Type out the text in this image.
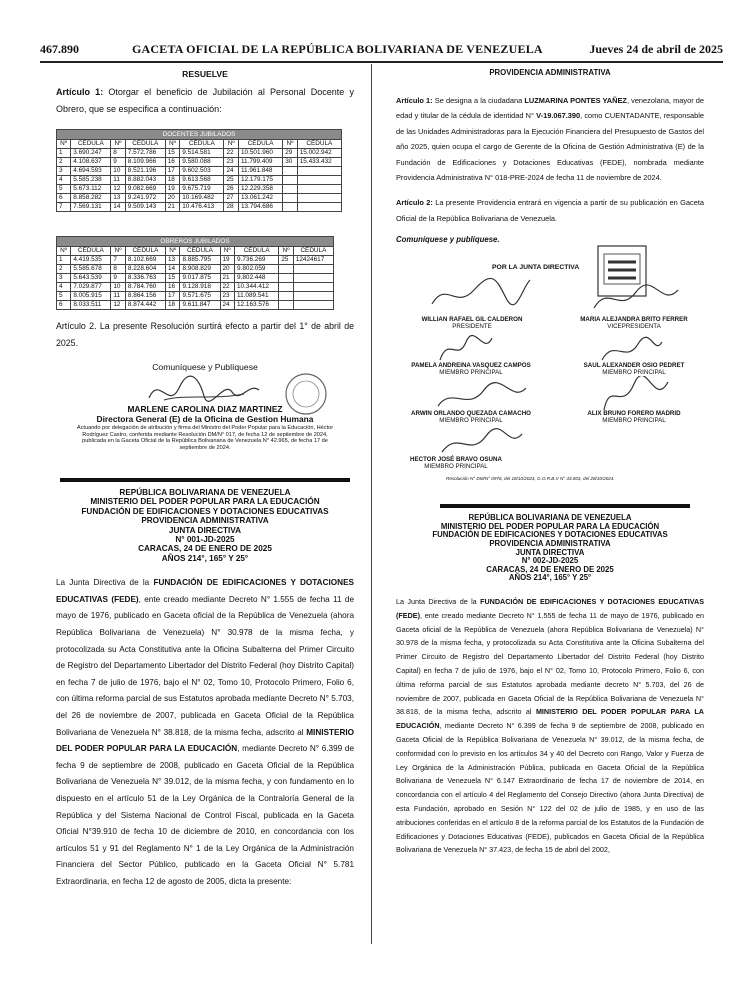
467.890	GACETA OFICIAL DE LA REPÚBLICA BOLIVARIANA DE VENEZUELA	Jueves 24 de abril de 2025
RESUELVE

Artículo 1: Otorgar el beneficio de Jubilación al Personal Docente y Obrero, que se especifica a continuación:

DOCENTES JUBILADOS									
Nº	CÉDULA	Nº	CÉDULA	Nº	CÉDULA	Nº	CÉDULA	Nº	CÉDULA
1	3.690.247	8	7.572.786	15	9.514.581	22	10.501.960	29	15.002.942
2	4.108.637	9	8.109.966	16	9.580.088	23	11.799.409	30	15.433.432
3	4.694.593	10	8.521.196	17	9.602.503	24	11.961.848		
4	5.585.238	11	8.882.043	18	9.613.568	25	12.179.175		
5	5.673.112	12	9.082.669	19	9.675.719	26	12.229.358		
6	8.858.282	13	9.241.972	20	10.169.482	27	13.061.242		
7	7.569.131	14	9.509.143	21	10.476.413	28	13.794.686		
OBREROS JUBILADOS									
Nº	CÉDULA	Nº	CÉDULA	Nº	CÉDULA	Nº	CÉDULA	Nº	CÉDULA
1	4.419.535	7	8.102.669	13	8.885.795	19	9.736.269	25	12424617
2	5.585.678	8	8.228.604	14	8.908.829	20	9.802.059		
3	5.643.539	9	8.336.763	15	9.017.875	21	9.802.448		
4	7.029.877	10	8.784.760	16	9.128.918	22	10.344.412		
5	8.005.915	11	8.864.156	17	9.571.675	23	11.089.541		
6	8.033.511	12	8.874.442	18	9.611.847	24	12.163.576		

Artículo 2. La presente Resolución surtirá efecto a partir del 1° de abril de 2025.

Comuníquese y Publíquese
MARLENE CAROLINA DIAZ MARTINEZ
Directora General (E) de la Oficina de Gestion Humana
Actuando por delegación de atribución y firma del Ministro del Poder Popular para la Educación, Héctor Rodríguez Castro, conferida mediante Resolución DM/N° 017, de fecha 12 de septiembre de 2024, publicada en la Gaceta Oficial de la República Bolivariana de Venezuela N° 42.965, de fecha 17 de septiembre de 2024.
REPÚBLICA BOLIVARIANA DE VENEZUELA
MINISTERIO DEL PODER POPULAR PARA LA EDUCACIÓN
FUNDACIÓN DE EDIFICACIONES Y DOTACIONES EDUCATIVAS
PROVIDENCIA ADMINISTRATIVA
JUNTA DIRECTIVA
N° 001-JD-2025
CARACAS, 24 DE ENERO DE 2025
AÑOS 214°, 165° Y 25°

La Junta Directiva de la FUNDACIÓN DE EDIFICACIONES Y DOTACIONES EDUCATIVAS (FEDE), ente creado mediante Decreto N° 1.555 de fecha 11 de mayo de 1976, publicado en Gaceta oficial de la República de Venezuela (ahora República Bolivariana de Venezuela) N° 30.978 de la misma fecha, y protocolizada su Acta Constitutiva ante la Oficina Subalterna del Primer Circuito de Registro del Departamento Libertador del Distrito Federal (hoy Distrito Capital) en fecha 7 de julio de 1976, bajo el N° 02, Tomo 10, Protocolo Primero, Folio 6, con última reforma parcial de sus Estatutos aprobada mediante Decreto N° 5.703, del 26 de noviembre de 2007, publicada en Gaceta Oficial de la República Bolivariana de Venezuela N° 38.818, de la misma fecha, adscrito al MINISTERIO DEL PODER POPULAR PARA LA EDUCACIÓN, mediante Decreto N° 6.399 de fecha 9 de septiembre de 2008, publicado en Gaceta Oficial de la República Bolivariana de Venezuela N° 39.012, de la misma fecha, y con fundamento en lo dispuesto en el artículo 51 de la Ley Orgánica de la Contraloría General de la República y del Sistema Nacional de Control Fiscal, publicada en la Gaceta Oficial N°39.910 de fecha 10 de diciembre de 2010, en concordancia con los artículos 51 y 91 del Reglamento N° 1 de la Ley Orgánica de la Administración Financiera del Sector Público, publicado en la Gaceta Oficial N° 5.781 Extraordinaria, en fecha 12 de agosto de 2005, dicta la presente:

PROVIDENCIA ADMINISTRATIVA

Artículo 1: Se designa a la ciudadana LUZMARINA PONTES YAÑEZ, venezolana, mayor de edad y titular de la cédula de identidad N° V-19.067.390, como CUENTADANTE, responsable de las Unidades Administradoras para la Ejecución Financiera del Presupuesto de Gastos del año 2025, quien ocupa el cargo de Gerente de la Oficina de Gestión Administrativa (E) de la Fundación de Edificaciones y Dotaciones Educativas (FEDE), nombrada mediante Providencia Administrativa N° 018-PRE-2024 de fecha 11 de noviembre de 2024.

Artículo 2: La presente Providencia entrará en vigencia a partir de su publicación en Gaceta Oficial de la República Bolivariana de Venezuela.

Comuníquese y publíquese.
POR LA JUNTA DIRECTIVA
WILLIAN RAFAEL GIL CALDERON
PRESIDENTE
MARIA ALEJANDRA BRITO FERRER
VICEPRESIDENTA
PAMELA ANDREINA VASQUEZ CAMPOS
MIEMBRO PRINCIPAL
SAUL ALEXANDER OSIO PEDRET
MIEMBRO PRINCIPAL
ARWIN ORLANDO QUEZADA CAMACHO
MIEMBRO PRINCIPAL
ALIX BRUNO FORERO MADRID
MIEMBRO PRINCIPAL
HECTOR JOSÉ BRAVO OSUNA
MIEMBRO PRINCIPAL
Resolución N° DM/N° 0976, del 18/10/2024, G.O.R.B.V N° 43.003, del 28/10/2024.
REPÚBLICA BOLIVARIANA DE VENEZUELA
MINISTERIO DEL PODER POPULAR PARA LA EDUCACIÓN
FUNDACIÓN DE EDIFICACIONES Y DOTACIONES EDUCATIVAS
PROVIDENCIA ADMINISTRATIVA
JUNTA DIRECTIVA
N° 002-JD-2025
CARACAS, 24 DE ENERO DE 2025
AÑOS 214°, 165° Y 25°

La Junta Directiva de la FUNDACIÓN DE EDIFICACIONES Y DOTACIONES EDUCATIVAS (FEDE), ente creado mediante Decreto N° 1.555 de fecha 11 de mayo de 1976, publicado en Gaceta oficial de la República de Venezuela (ahora República Bolivariana de Venezuela) N° 30.978 de la misma fecha, y protocolizada su Acta Constitutiva ante la Oficina Subalterna del Primer Circuito de Registro del Departamento Libertador del Distrito Federal (hoy Distrito Capital) en fecha 7 de julio de 1976, bajo el N° 02, Tomo 10, Protocolo Primero, Folio 6, con última reforma parcial de sus Estatutos aprobada mediante decreto N° 5.703, del 26 de noviembre de 2007, publicada en Gaceta Oficial de la República Bolivariana de Venezuela N° 38.818, de la misma fecha, adscrito al MINISTERIO DEL PODER POPULAR PARA LA EDUCACIÓN, mediante Decreto N° 6.399 de fecha 9 de septiembre de 2008, publicado en Gaceta Oficial de la República Bolivariana de Venezuela N° 39.012, de la misma fecha, de conformidad con lo previsto en los artículos 34 y 40 del Decreto con Rango, Valor y Fuerza de Ley Orgánica de la Administración Pública, publicada en Gaceta Oficial de la República Bolivariana de Venezuela N° 6.147 Extraordinario de fecha 17 de noviembre de 2014, en concordancia con el artículo 4 del Reglamento del Consejo Directivo (ahora Junta Directiva) de esta Fundación, aprobado en Sesión N° 122 del 02 de julio de 1985, y en uso de las atribuciones conferidas en el artículo 8 de la reforma parcial de los Estatutos de la Fundación de Edificaciones y Dotaciones Educativas (FEDE), publicados en Gaceta Oficial de la República Bolivariana de Venezuela N° 37.423, de fecha 15 de abril del 2002,
